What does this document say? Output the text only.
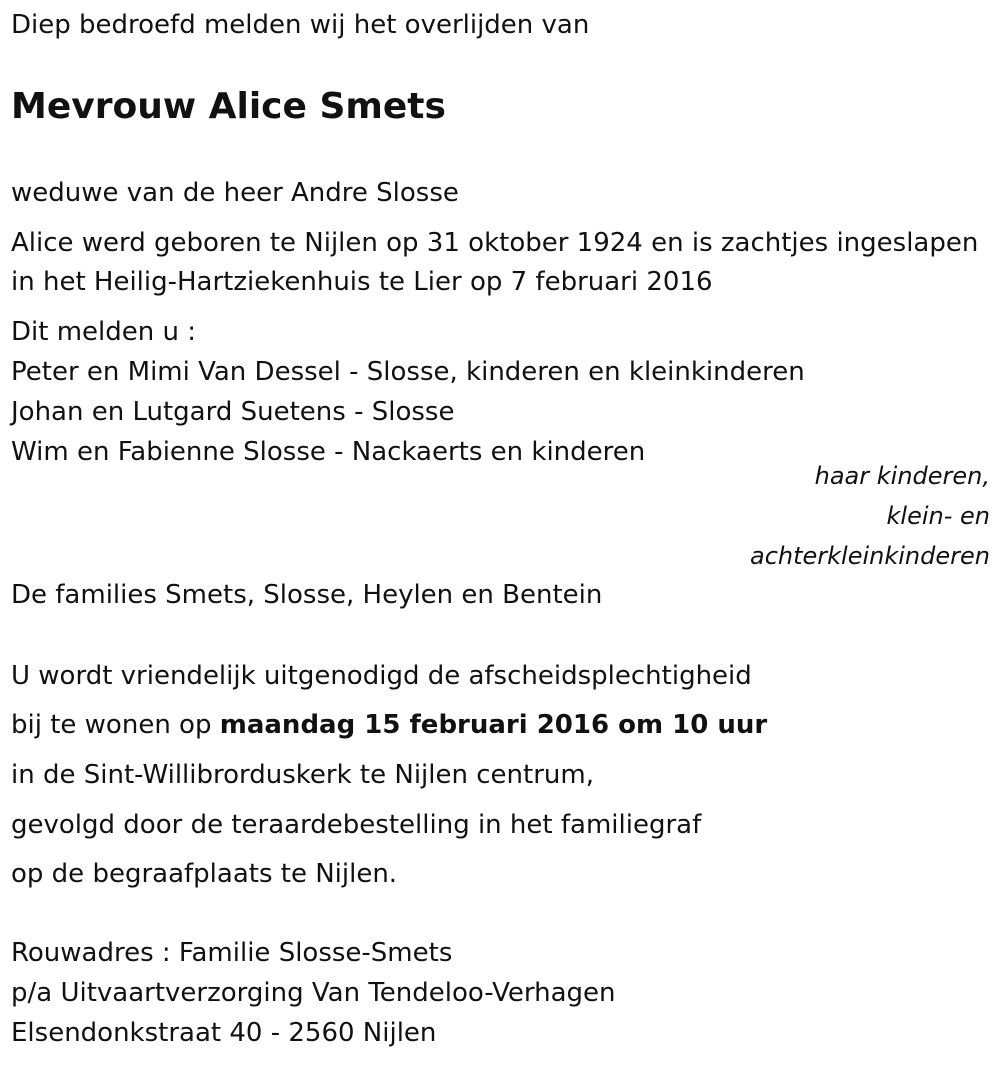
Diep bedroefd melden wij het overlijden van
Mevrouw Alice Smets
weduwe van de heer Andre Slosse
Alice werd geboren te Nijlen op 31 oktober 1924 en is zachtjes ingeslapen
in het Heilig-Hartziekenhuis te Lier op 7 februari 2016
Dit melden u :
Peter en Mimi Van Dessel - Slosse, kinderen en kleinkinderen
Johan en Lutgard Suetens - Slosse
Wim en Fabienne Slosse - Nackaerts en kinderen
haar kinderen,
klein- en
achterkleinkinderen
De families Smets, Slosse, Heylen en Bentein
U wordt vriendelijk uitgenodigd de afscheidsplechtigheid
bij te wonen op maandag 15 februari 2016 om 10 uur
in de Sint-Willibrorduskerk te Nijlen centrum,
gevolgd door de teraardebestelling in het familiegraf
op de begraafplaats te Nijlen.
Rouwadres : Familie Slosse-Smets
p/a Uitvaartverzorging Van Tendeloo-Verhagen
Elsendonkstraat 40 - 2560 Nijlen
